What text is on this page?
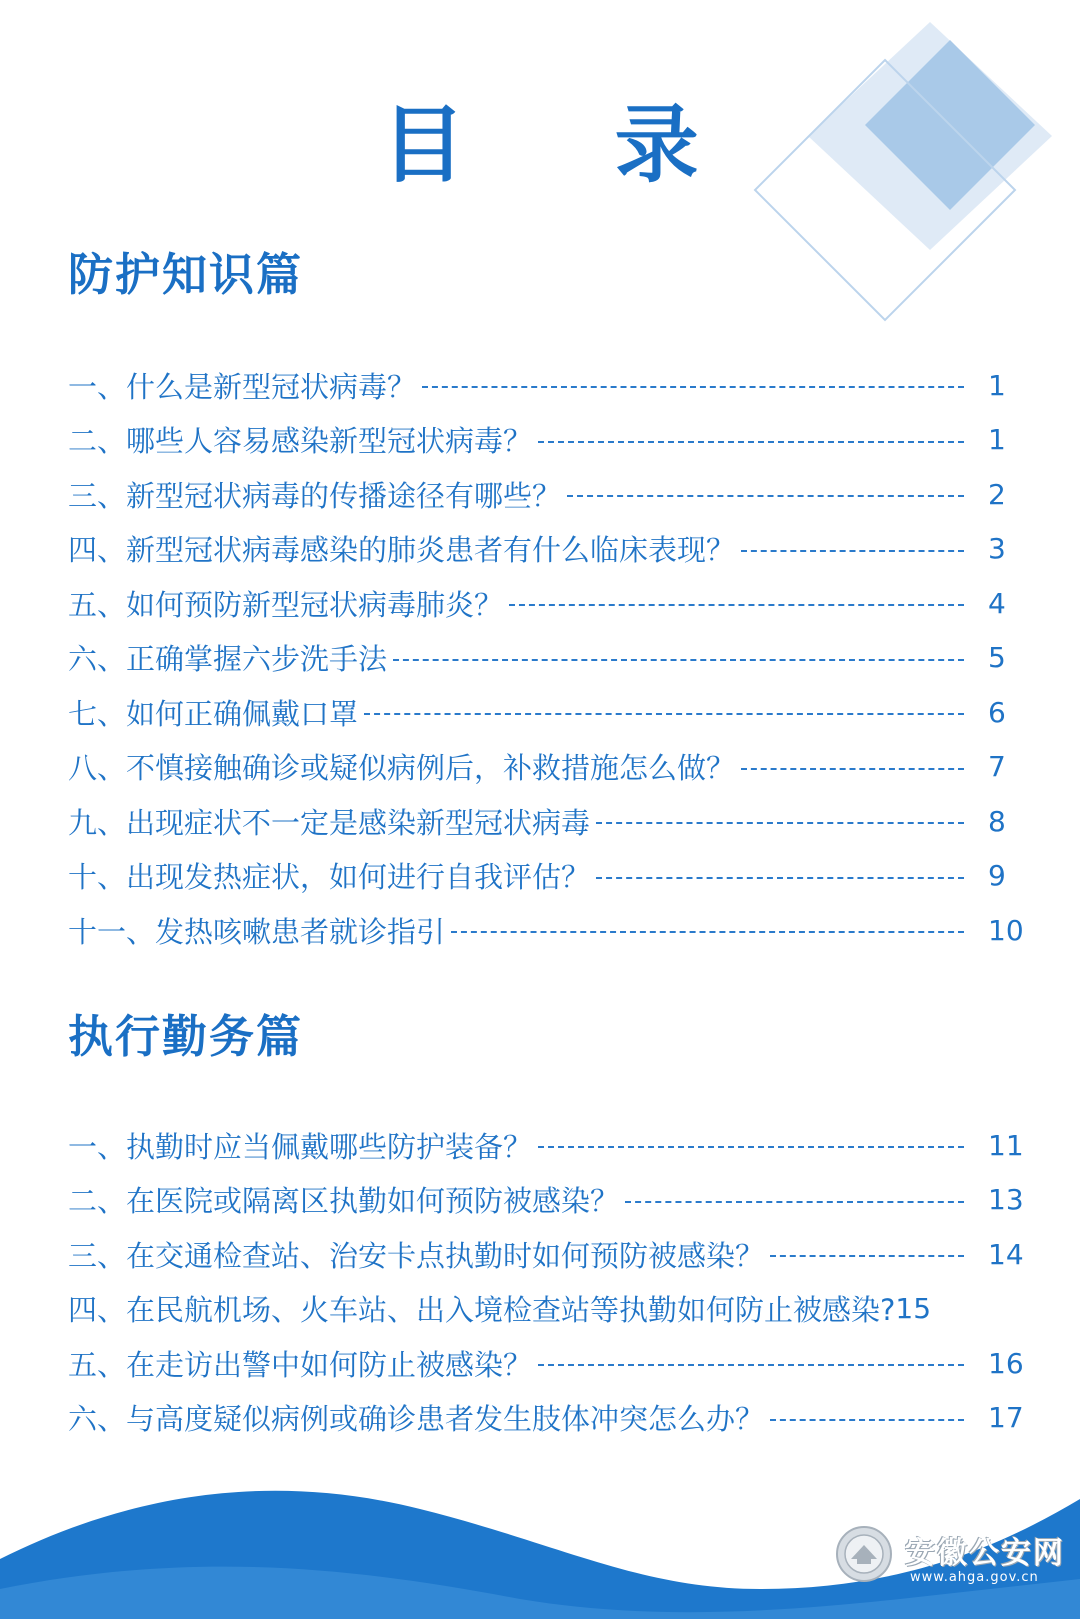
目 录
防护知识篇
一、什么是新型冠状病毒？	1
二、哪些人容易感染新型冠状病毒？	1
三、新型冠状病毒的传播途径有哪些？	2
四、新型冠状病毒感染的肺炎患者有什么临床表现？	3
五、如何预防新型冠状病毒肺炎？	4
六、正确掌握六步洗手法	5
七、如何正确佩戴口罩	6
八、不慎接触确诊或疑似病例后，补救措施怎么做？	7
九、出现症状不一定是感染新型冠状病毒	8
十、出现发热症状，如何进行自我评估？	9
十一、发热咳嗽患者就诊指引	10
执行勤务篇
一、执勤时应当佩戴哪些防护装备？	11
二、在医院或隔离区执勤如何预防被感染？	13
三、在交通检查站、治安卡点执勤时如何预防被感染？	14
四、在民航机场、火车站、出入境检查站等执勤如何防止被感染? 15
五、在走访出警中如何防止被感染？	16
六、与高度疑似病例或确诊患者发生肢体冲突怎么办？	17
安徽公安网
www.ahga.gov.cn
